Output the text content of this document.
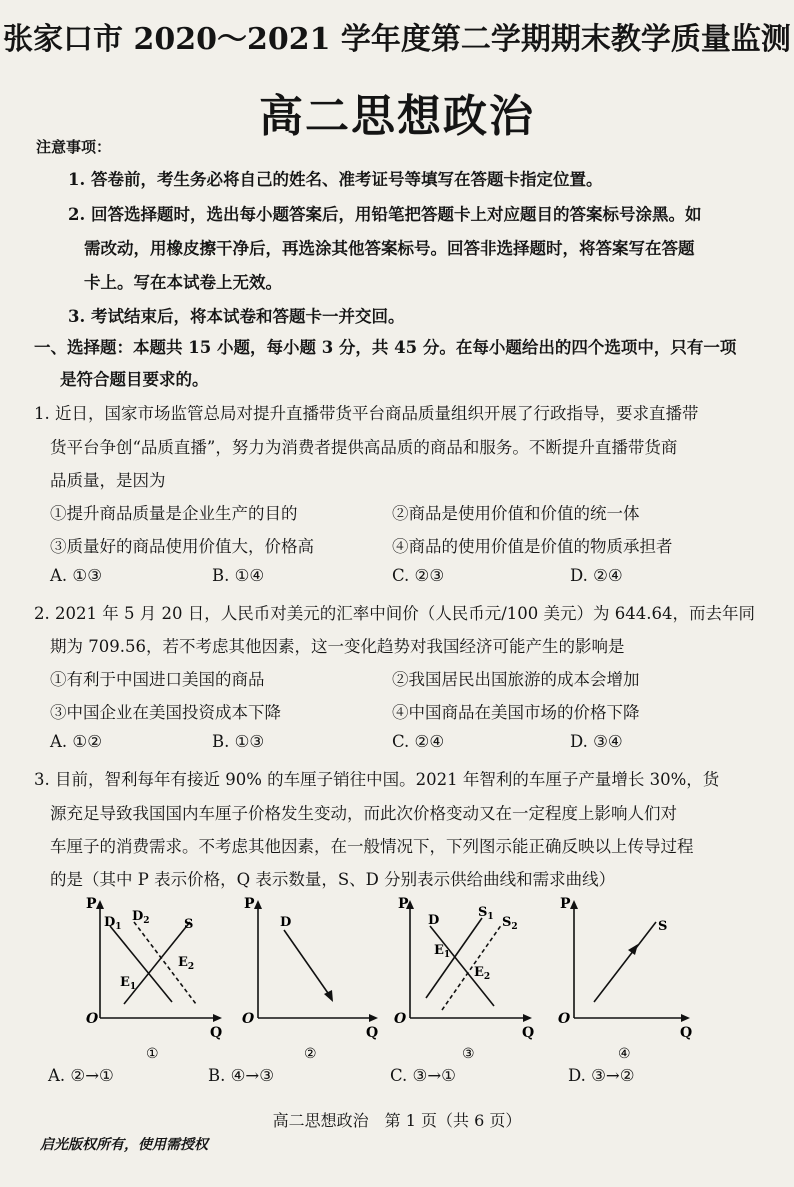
张家口市 2020～2021 学年度第二学期期末教学质量监测
高二思想政治
注意事项：
1. 答卷前，考生务必将自己的姓名、准考证号等填写在答题卡指定位置。
2. 回答选择题时，选出每小题答案后，用铅笔把答题卡上对应题目的答案标号涂黑。如
需改动，用橡皮擦干净后，再选涂其他答案标号。回答非选择题时，将答案写在答题
卡上。写在本试卷上无效。
3. 考试结束后，将本试卷和答题卡一并交回。
一、选择题：本题共 15 小题，每小题 3 分，共 45 分。在每小题给出的四个选项中，只有一项
是符合题目要求的。
1. 近日，国家市场监管总局对提升直播带货平台商品质量组织开展了行政指导，要求直播带
货平台争创“品质直播”，努力为消费者提供高品质的商品和服务。不断提升直播带货商
品质量，是因为
①提升商品质量是企业生产的目的	②商品是使用价值和价值的统一体
③质量好的商品使用价值大，价格高	④商品的使用价值是价值的物质承担者
A. ①③	B. ①④	C. ②③	D. ②④
2. 2021 年 5 月 20 日，人民币对美元的汇率中间价（人民币元/100 美元）为 644.64，而去年同
期为 709.56，若不考虑其他因素，这一变化趋势对我国经济可能产生的影响是
①有利于中国进口美国的商品	②我国居民出国旅游的成本会增加
③中国企业在美国投资成本下降	④中国商品在美国市场的价格下降
A. ①②	B. ①③	C. ②④	D. ③④
3. 目前，智利每年有接近 90% 的车厘子销往中国。2021 年智利的车厘子产量增长 30%，货
源充足导致我国国内车厘子价格发生变动，而此次价格变动又在一定程度上影响人们对
车厘子的消费需求。不考虑其他因素，在一般情况下，下列图示能正确反映以上传导过程
的是（其中 P 表示价格，Q 表示数量，S、D 分别表示供给曲线和需求曲线）
P
Q
O
$D_1$
$D_2$	S
$E_1$
$E_2$
①
P
Q
O
D
②
P
Q
O
D
$S_1$ $S_2$
$E_1$
$E_2$
③
P
Q
O
S
④
A. ②→①	B. ④→③	C. ③→①	D. ③→②
高二思想政治　第 1 页（共 6 页）
启光版权所有，使用需授权
